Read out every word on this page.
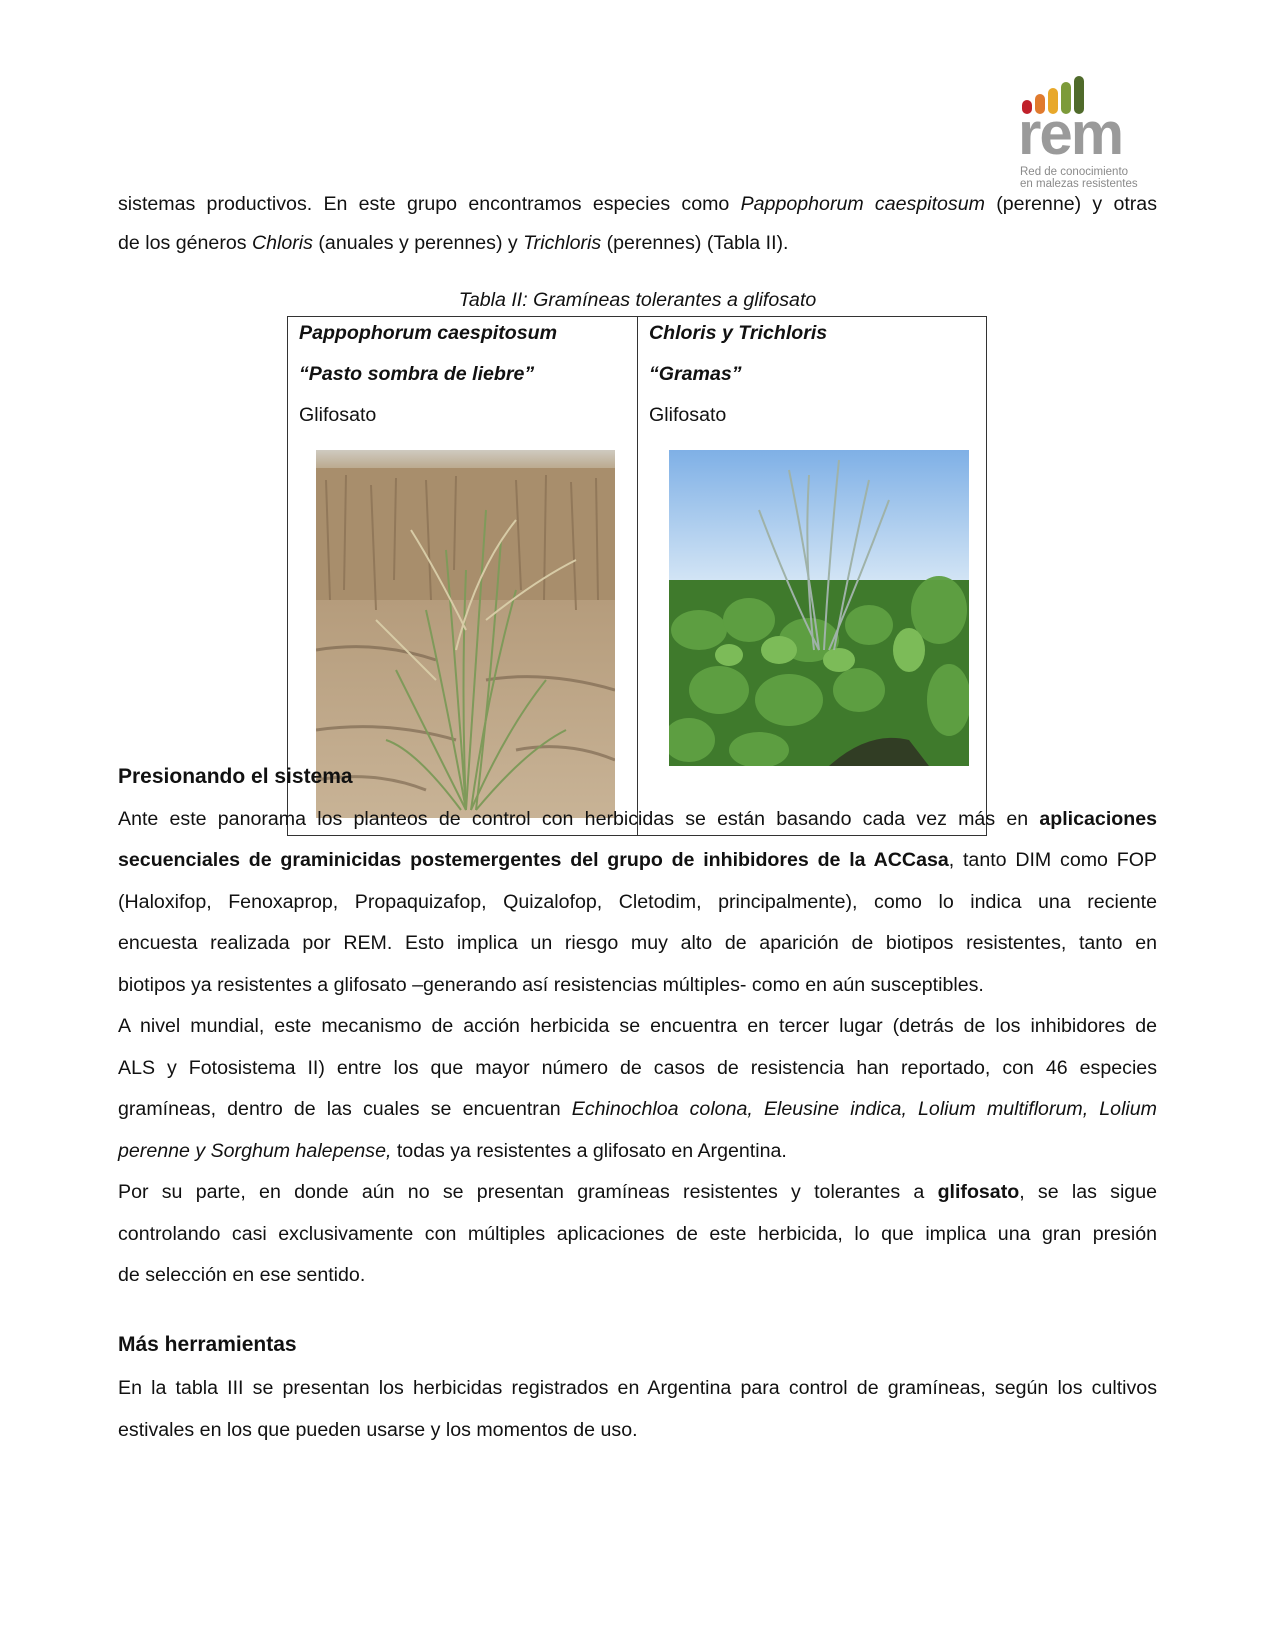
rem
Red de conocimiento
en malezas resistentes
sistemas productivos. En este grupo encontramos especies como Pappophorum caespitosum (perenne) y otras
de los géneros Chloris (anuales y perennes) y Trichloris (perennes) (Tabla II).
Tabla II: Gramíneas tolerantes a glifosato
Pappophorum caespitosum
“Pasto sombra de liebre”
Glifosato
Chloris y Trichloris
“Gramas”
Glifosato
Presionando el sistema
Ante este panorama los planteos de control con herbicidas se están basando cada vez más en aplicaciones
secuenciales de graminicidas postemergentes del grupo de inhibidores de la ACCasa, tanto DIM como FOP
(Haloxifop, Fenoxaprop, Propaquizafop, Quizalofop, Cletodim, principalmente), como lo indica una reciente
encuesta realizada por REM. Esto implica un riesgo muy alto de aparición de biotipos resistentes, tanto en
biotipos ya resistentes a glifosato –generando así resistencias múltiples- como en aún susceptibles.
A nivel mundial, este mecanismo de acción herbicida se encuentra en tercer lugar (detrás de los inhibidores de
ALS y Fotosistema II) entre los que mayor número de casos de resistencia han reportado, con 46 especies
gramíneas, dentro de las cuales se encuentran Echinochloa colona, Eleusine indica, Lolium multiflorum, Lolium
perenne y Sorghum halepense, todas ya resistentes a glifosato en Argentina.
Por su parte, en donde aún no se presentan gramíneas resistentes y tolerantes a glifosato, se las sigue
controlando casi exclusivamente con múltiples aplicaciones de este herbicida, lo que implica una gran presión
de selección en ese sentido.
Más herramientas
En la tabla III se presentan los herbicidas registrados en Argentina para control de gramíneas, según los cultivos
estivales en los que pueden usarse y los momentos de uso.
